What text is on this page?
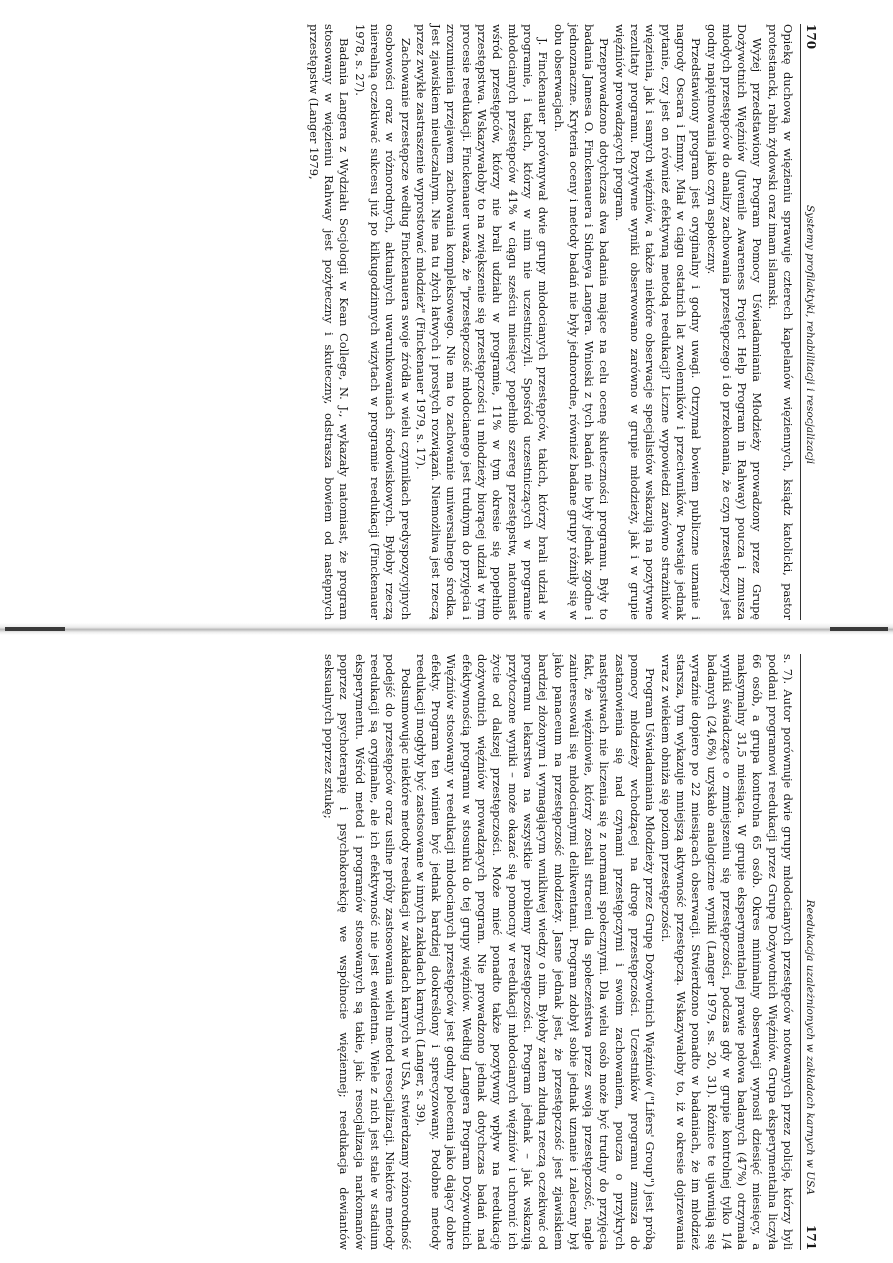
170
Systemy profilaktyki, rehabilitacji i resocjalizacji

Opiekę duchową w więzieniu sprawuje czterech kapelanów więziennych, ksiądz katolicki, pastor protestancki, rabin żydowski oraz imam islamski.

Wyżej przedstawiony Program Pomocy Uświadamiania Młodzieży prowadzony przez Grupę Dożywotnich Więźniów (Juvenile Awareness Project Help Program in Rahway) poucza i zmusza młodych przestępców do analizy zachowania przestępczego i do przekonania, że czyn przestępczy jest godny napiętnowania jako czyn aspołeczny.

Przedstawiony program jest oryginalny i godny uwagi. Otrzymał bowiem publiczne uznanie i nagrody Oscara i Emmy. Miał w ciągu ostatnich lat zwolenników i przeciwników. Powstaje jednak pytanie, czy jest on również efektywną metodą reedukacji? Liczne wypowiedzi zarówno strażników więzienia, jak i samych więźniów, a także niektóre obserwacje specjalistów wskazują na pozytywne rezultaty programu. Pozytywne wyniki obserwowano zarówno w grupie młodzieży, jak i w grupie więźniów prowadzących program.

Przeprowadzono dotychczas dwa badania mające na celu ocenę skuteczności programu. Były to badania Jamesa O. Finckenauera i Sidneya Langera. Wnioski z tych badań nie były jednak zgodne i jednoznaczne. Kryteria oceny i metody badań nie były jednorodne, również badane grupy różniły się w obu obserwacjach.

J. Finckenauer porównywał dwie grupy młodocianych przestępców, takich, którzy brali udział w programie, i takich, którzy w nim nie uczestniczyli. Spośród uczestniczących w programie młodocianych przestępców 41% w ciągu sześciu miesięcy popełniło szereg przestępstw, natomiast wśród przestępców, którzy nie brali udziału w programie, 11% w tym okresie się popełniło przestępstwa. Wskazywałoby to na zwiększenie się przestępczości u młodzieży biorącej udział w tym procesie reedukacji. Finckenauer uważa, że "przestępczość młodocianego jest trudnym do przyjęcia i zrozumienia przejawem zachowania kompleksowego. Nie ma to zachowanie uniwersalnego środka. Jest zjawiskiem nieuleczalnym. Nie ma tu złych łatwych i prostych rozwiązań. Niemożliwa jest rzeczą przez zwykłe zastraszenie wyprostować młodzież" (Finckenauer 1979, s. 17).

Zachowanie przestępcze według Finckenauera swoje źródła w wielu czynnikach predyspozycyjnych osobowości oraz w różnorodnych, aktualnych uwarunkowaniach środowiskowych. Byłoby rzeczą nierealną oczekiwać sukcesu już po kilkugodzinnych wizytach w programie reedukacji (Finckenauer 1978, s. 27).

Badania Langera z Wydziału Socjologii w Kean College, N. J., wykazały natomiast, że program stosowany w więzieniu Rahway jest pożyteczny i skuteczny, odstrasza bowiem od następnych przestępstw (Langer 1979,

Reedukacja uzależnionych w zakładach karnych w USA
171

s. 7). Autor porównuje dwie grupy młodocianych przestępców notowanych przez policję, którzy byli poddani programowi reedukacji przez Grupę Dożywotnich Więźniów. Grupa eksperymentalna liczyła 66 osób, a grupa kontrolna 65 osób. Okres minimalny obserwacji wynosił dziesięć miesięcy, a maksymalny 31,5 miesiąca. W grupie eksperymentalnej prawie połowa badanych (47%) otrzymała wyniki świadczące o zmniejszeniu się przestępczości, podczas gdy w grupie kontrolnej tylko 1/4 badanych (24,6%) uzyskało analogiczne wyniki (Langer 1979, ss. 20, 31). Różnice te ujawniają się wyraźnie dopiero po 22 miesiącach obserwacji. Stwierdzono ponadto w badaniach, że im młodzież starsza, tym wykazuje mniejszą aktywność przestępczą. Wskazywałoby to, iż w okresie dojrzewania wraz z wiekiem obniża się poziom przestępczości.

Program Uświadamiania Młodzieży przez Grupę Dożywotnich Więźniów ("Lifers' Group") jest próbą pomocy młodzieży wchodzącej na drogę przestępczości. Uczestników programu zmusza do zastanowienia się nad czynami przestępczymi i swoim zachowaniem, poucza o przykrych następstwach nie liczenia się z normami społecznymi. Dla wielu osób może być trudny do przyjęcia fakt, że więźniowie, którzy zostali straceni dla społeczeństwa przez swoją przestępczość, nagle zainteresowali się młodocianymi delikwentami. Program zdobył sobie jednak uznanie i zalecany był jako panaceum na przestępczość młodzieży. Jasne jednak jest, że przestępczość jest zjawiskiem bardziej złożonym i wymagającym wnikliwej wiedzy o nim. Byłoby zatem złudną rzeczą oczekiwać od programu lekarstwa na wszystkie problemy przestępczości. Program jednak – jak wskazują przytoczone wyniki – może okazać się pomocny w reedukacji młodocianych więźniów i uchronić ich życie od dalszej przestępczości. Może mieć ponadto także pozytywny wpływ na reedukację dożywotnich więźniów prowadzących program. Nie prowadzono jednak dotychczas badań nad efektywnością programu w stosunku do tej grupy więźniów. Według Langera Program Dożywotnich Więźniów stosowany w reedukacji młodocianych przestępców jest godny polecenia jako dający dobre efekty. Program ten winien być jednak bardziej dookreślony i sprecyzowany. Podobne metody reedukacji mogłyby być zastosowane w innych zakładach karnych (Langer, s. 39).

Podsumowując niektóre metody reedukacji w zakładach karnych w USA, stwierdzamy różnorodność podejść do przestępców oraz usilne próby zastosowania wielu metod resocjalizacji. Niektóre metody reedukacji są oryginalne, ale ich efektywność nie jest ewidentna. Wiele z nich jest stale w stadium eksperymentu. Wśród metod i programów stosowanych są takie, jak: resocjalizacja narkomanów poprzez psychoterapię i psychokorekcję we wspólnocie więziennej; reedukacja dewiantów seksualnych poprzez sztukę;
